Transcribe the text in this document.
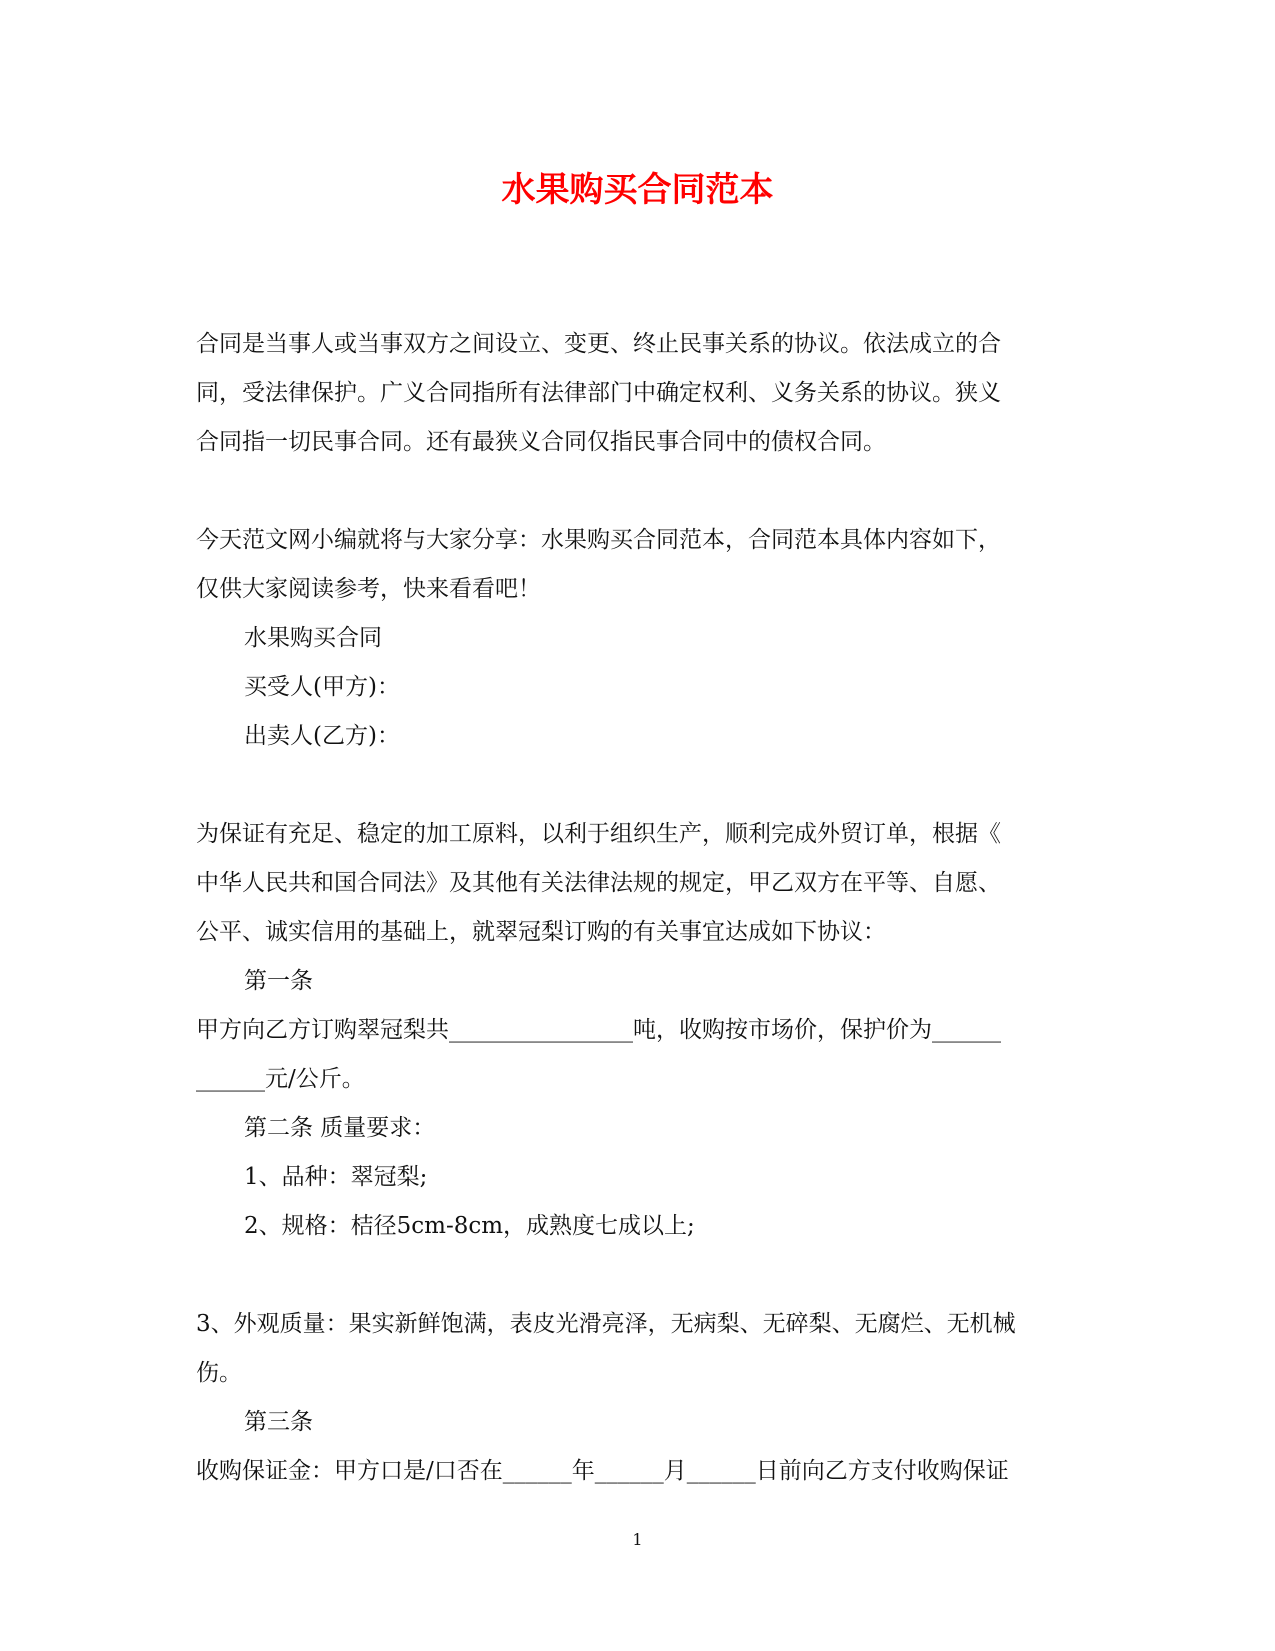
水果购买合同范本

合同是当事人或当事双方之间设立、变更、终止民事关系的协议。依法成立的合

同，受法律保护。广义合同指所有法律部门中确定权利、义务关系的协议。狭义

合同指一切民事合同。还有最狭义合同仅指民事合同中的债权合同。

今天范文网小编就将与大家分享：水果购买合同范本，合同范本具体内容如下，

仅供大家阅读参考，快来看看吧！

水果购买合同

买受人(甲方)：

出卖人(乙方)：

为保证有充足、稳定的加工原料，以利于组织生产，顺利完成外贸订单，根据《

中华人民共和国合同法》及其他有关法律法规的规定，甲乙双方在平等、自愿、

公平、诚实信用的基础上，就翠冠梨订购的有关事宜达成如下协议：

第一条

甲方向乙方订购翠冠梨共________________吨，收购按市场价，保护价为______

______元/公斤。

第二条 质量要求：

1、品种：翠冠梨;

2、规格：桔径5cm-8cm，成熟度七成以上;

3、外观质量：果实新鲜饱满，表皮光滑亮泽，无病梨、无碎梨、无腐烂、无机械

伤。

第三条

收购保证金：甲方口是/口否在______年______月______日前向乙方支付收购保证

1
